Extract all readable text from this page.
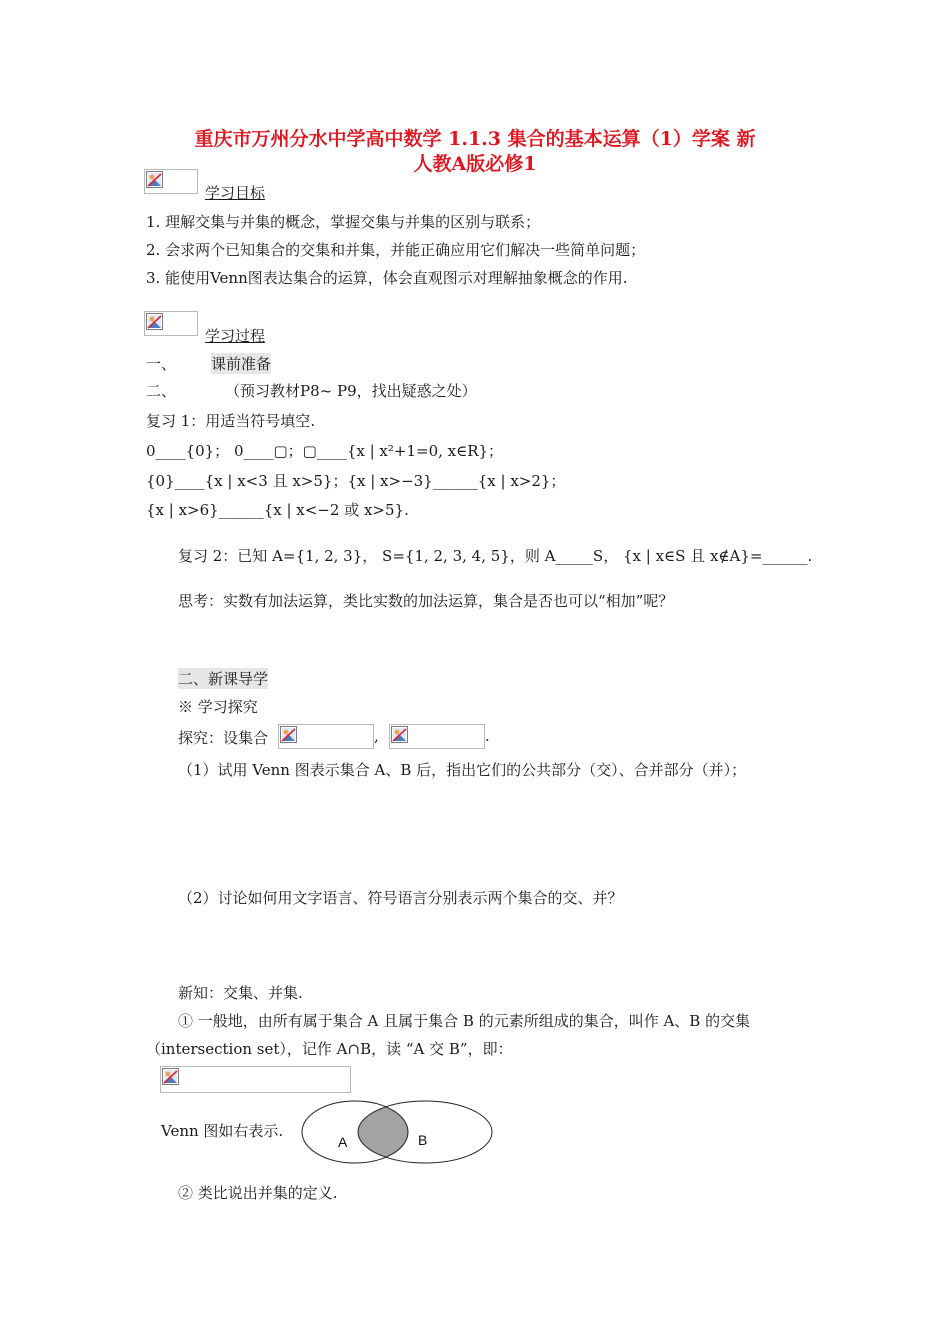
重庆市万州分水中学高中数学 1.1.3 集合的基本运算（1）学案 新
人教A版必修1
学习目标
1. 理解交集与并集的概念，掌握交集与并集的区别与联系；
2. 会求两个已知集合的交集和并集，并能正确应用它们解决一些简单问题；
3. 能使用Venn图表达集合的运算，体会直观图示对理解抽象概念的作用.
学习过程
一、 课前准备
二、	（预习教材P8~ P9，找出疑惑之处）
复习 1：用适当符号填空.
0____{0}； 0____▢；▢____{x | x²+1=0, x∈R}；
{0}____{x | x<3 且 x>5}；{x | x>−3}______{x | x>2}；
{x | x>6}______{x | x<−2 或 x>5}.
复习 2：已知 A={1, 2, 3}， S={1, 2, 3, 4, 5}，则 A_____S， {x | x∈S 且 x∉A}=______.
思考：实数有加法运算，类比实数的加法运算，集合是否也可以“相加”呢？
二、新课导学
※ 学习探究
探究：设集合	,	.
（1）试用 Venn 图表示集合 A、B 后，指出它们的公共部分（交）、合并部分（并）；
（2）讨论如何用文字语言、符号语言分别表示两个集合的交、并？
新知：交集、并集.
① 一般地，由所有属于集合 A 且属于集合 B 的元素所组成的集合，叫作 A、B 的交集
（intersection set），记作 A∩B，读 “A 交 B”，即：
Venn 图如右表示.
A	B
② 类比说出并集的定义.
